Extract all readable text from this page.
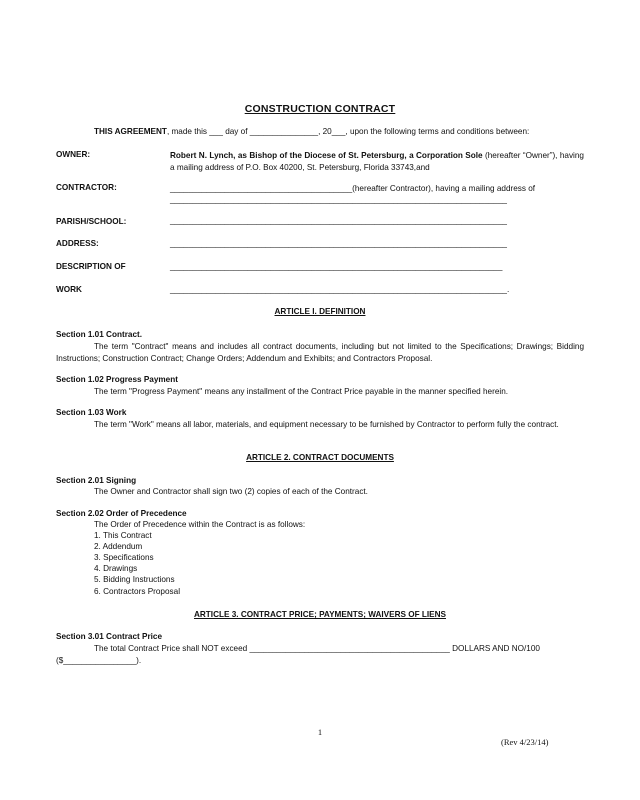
CONSTRUCTION CONTRACT
THIS AGREEMENT, made this ___ day of _______________, 20___, upon the following terms and conditions between:
OWNER:	Robert N. Lynch, as Bishop of the Diocese of St. Petersburg, a Corporation Sole (hereafter “Owner”), having a mailing address of P.O. Box 40200, St. Petersburg, Florida 33743,and
CONTRACTOR:	________________________________________(hereafter Contractor), having a mailing address of
__________________________________________________________________________
PARISH/SCHOOL:	__________________________________________________________________________
ADDRESS:	__________________________________________________________________________
DESCRIPTION OF	_________________________________________________________________________
WORK	__________________________________________________________________________.
ARTICLE I. DEFINITION
Section 1.01 Contract.
The term "Contract" means and includes all contract documents, including but not limited to the Specifications; Drawings; Bidding Instructions; Construction Contract; Change Orders; Addendum and Exhibits; and Contractors Proposal.
Section 1.02 Progress Payment
The term "Progress Payment" means any installment of the Contract Price payable in the manner specified herein.
Section 1.03 Work
The term "Work" means all labor, materials, and equipment necessary to be furnished by Contractor to perform fully the contract.
ARTICLE 2. CONTRACT DOCUMENTS
Section 2.01 Signing
The Owner and Contractor shall sign two (2) copies of each of the Contract.
Section 2.02 Order of Precedence
The Order of Precedence within the Contract is as follows:
1. This Contract
2. Addendum
3. Specifications
4. Drawings
5. Bidding Instructions
6. Contractors Proposal
ARTICLE 3. CONTRACT PRICE; PAYMENTS; WAIVERS OF LIENS
Section 3.01 Contract Price
The total Contract Price shall NOT exceed ____________________________________________ DOLLARS AND NO/100
($________________).
1
(Rev 4/23/14)
